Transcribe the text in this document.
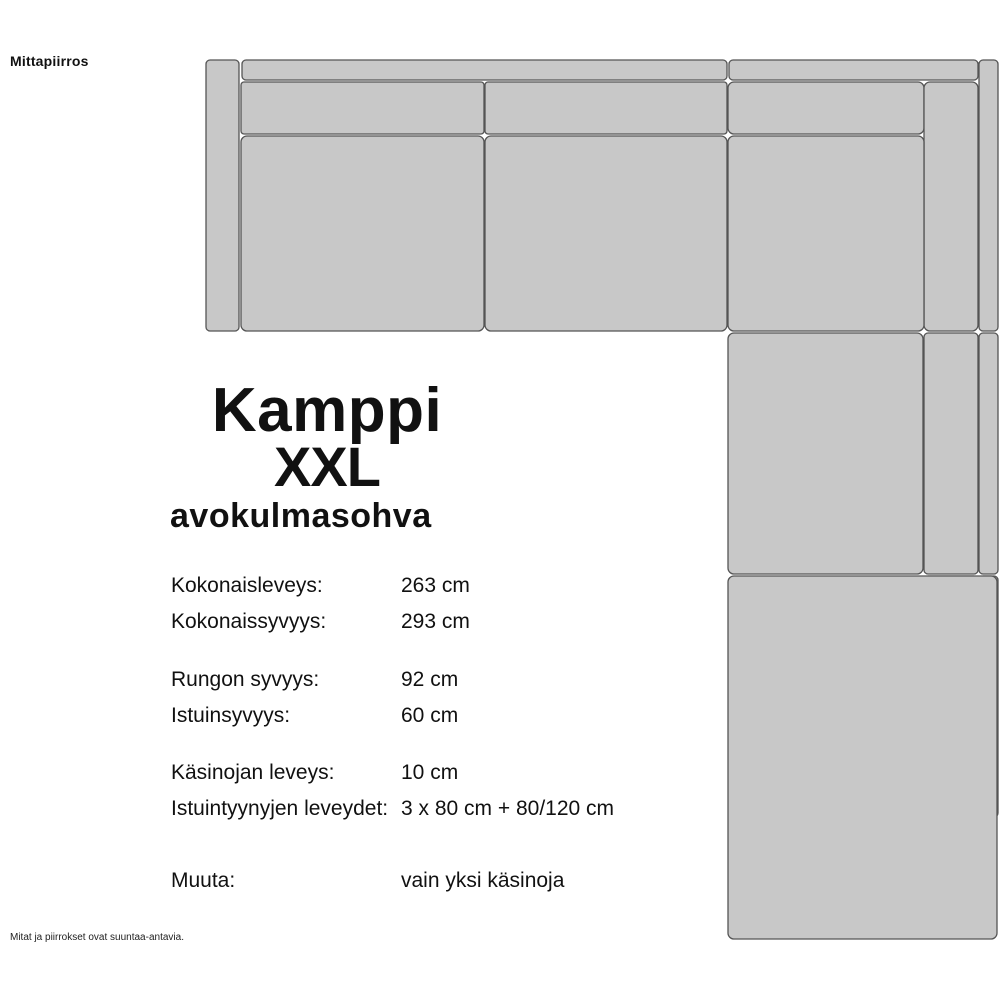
Mittapiirros
Kamppi
XXL
avokulmasohva
Kokonaisleveys:	263 cm
Kokonaissyvyys:	293 cm
Rungon syvyys:	92 cm
Istuinsyvyys:	60 cm
Käsinojan leveys:	10 cm
Istuintyynyjen leveydet: 3 x 80 cm + 80/120 cm
Muuta:	vain yksi käsinoja
Mitat ja piirrokset ovat suuntaa-antavia.
